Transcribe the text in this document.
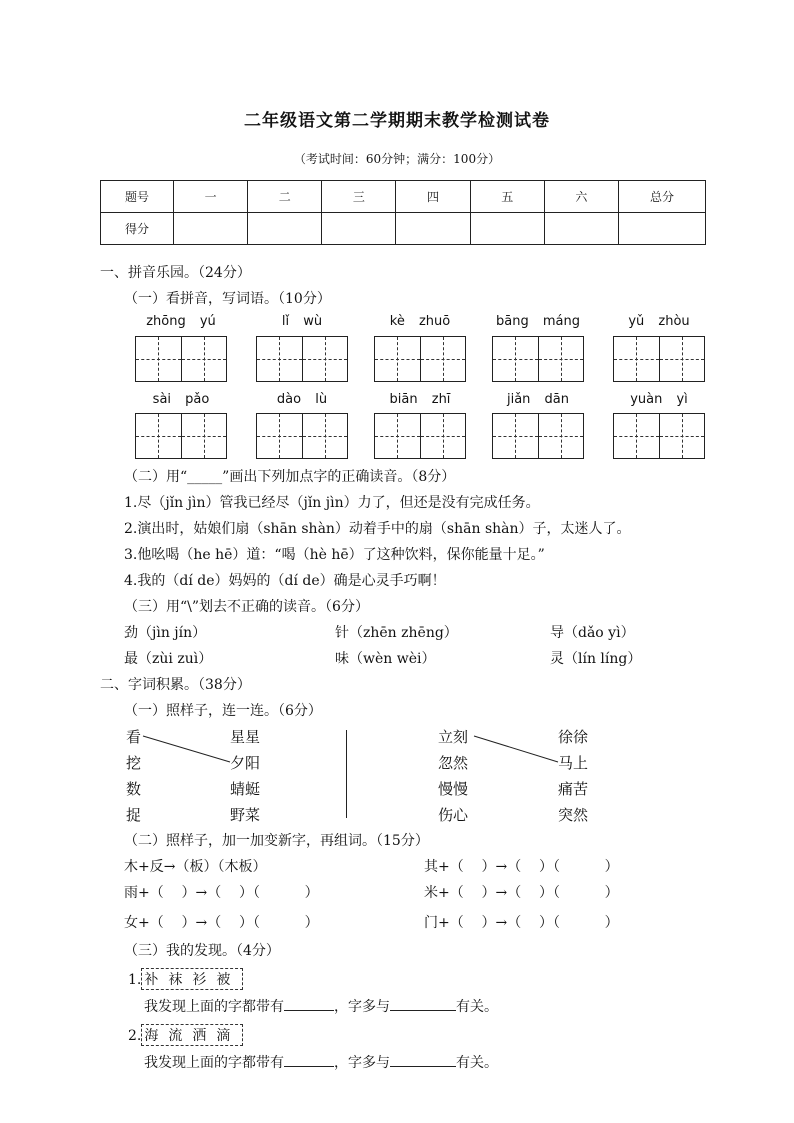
二年级语文第二学期期末教学检测试卷
（考试时间：60分钟；满分：100分）
题号	一	二	三	四	五	六	总分
得分							
一、拼音乐园。（24分）
（一）看拼音，写词语。（10分）
zhōng yú	lǐ wù	kè zhuō	bāng máng	yǔ zhòu
sài pǎo	dào lù	biān zhī	jiǎn dān	yuàn yì
（二）用“_____”画出下列加点字的正确读音。（8分）
1.尽（jǐn jìn）管我已经尽（jǐn jìn）力了，但还是没有完成任务。
2.演出时，姑娘们扇（shān shàn）动着手中的扇（shān shàn）子，太迷人了。
3.他吆喝（he hē）道：“喝（hè hē）了这种饮料，保你能量十足。”
4.我的（dí de）妈妈的（dí de）确是心灵手巧啊！
（三）用“\”划去不正确的读音。（6分）
劲（jìn jín）	针（zhēn zhēng）	导（dǎo yì）
最（zùi zuì）	味（wèn wèi）	灵（lín líng）
二、字词积累。（38分）
（一）照样子，连一连。（6分）
看
挖
数
捉
星星
夕阳
蜻蜓
野菜
立刻
忽然
慢慢
伤心
徐徐
马上
痛苦
突然
（二）照样子，加一加变新字，再组词。（15分）
木+反→（板）（木板）	其+（    ）→（    ）（          ）
雨+（    ）→（    ）（          ）	米+（    ）→（    ）（          ）
女+（    ）→（    ）（          ）	门+（    ）→（    ）（          ）
（三）我的发现。（4分）
1. 补袜衫被
我发现上面的字都带有	，字多与	有关。
2. 海流洒滴
我发现上面的字都带有	，字多与	有关。
